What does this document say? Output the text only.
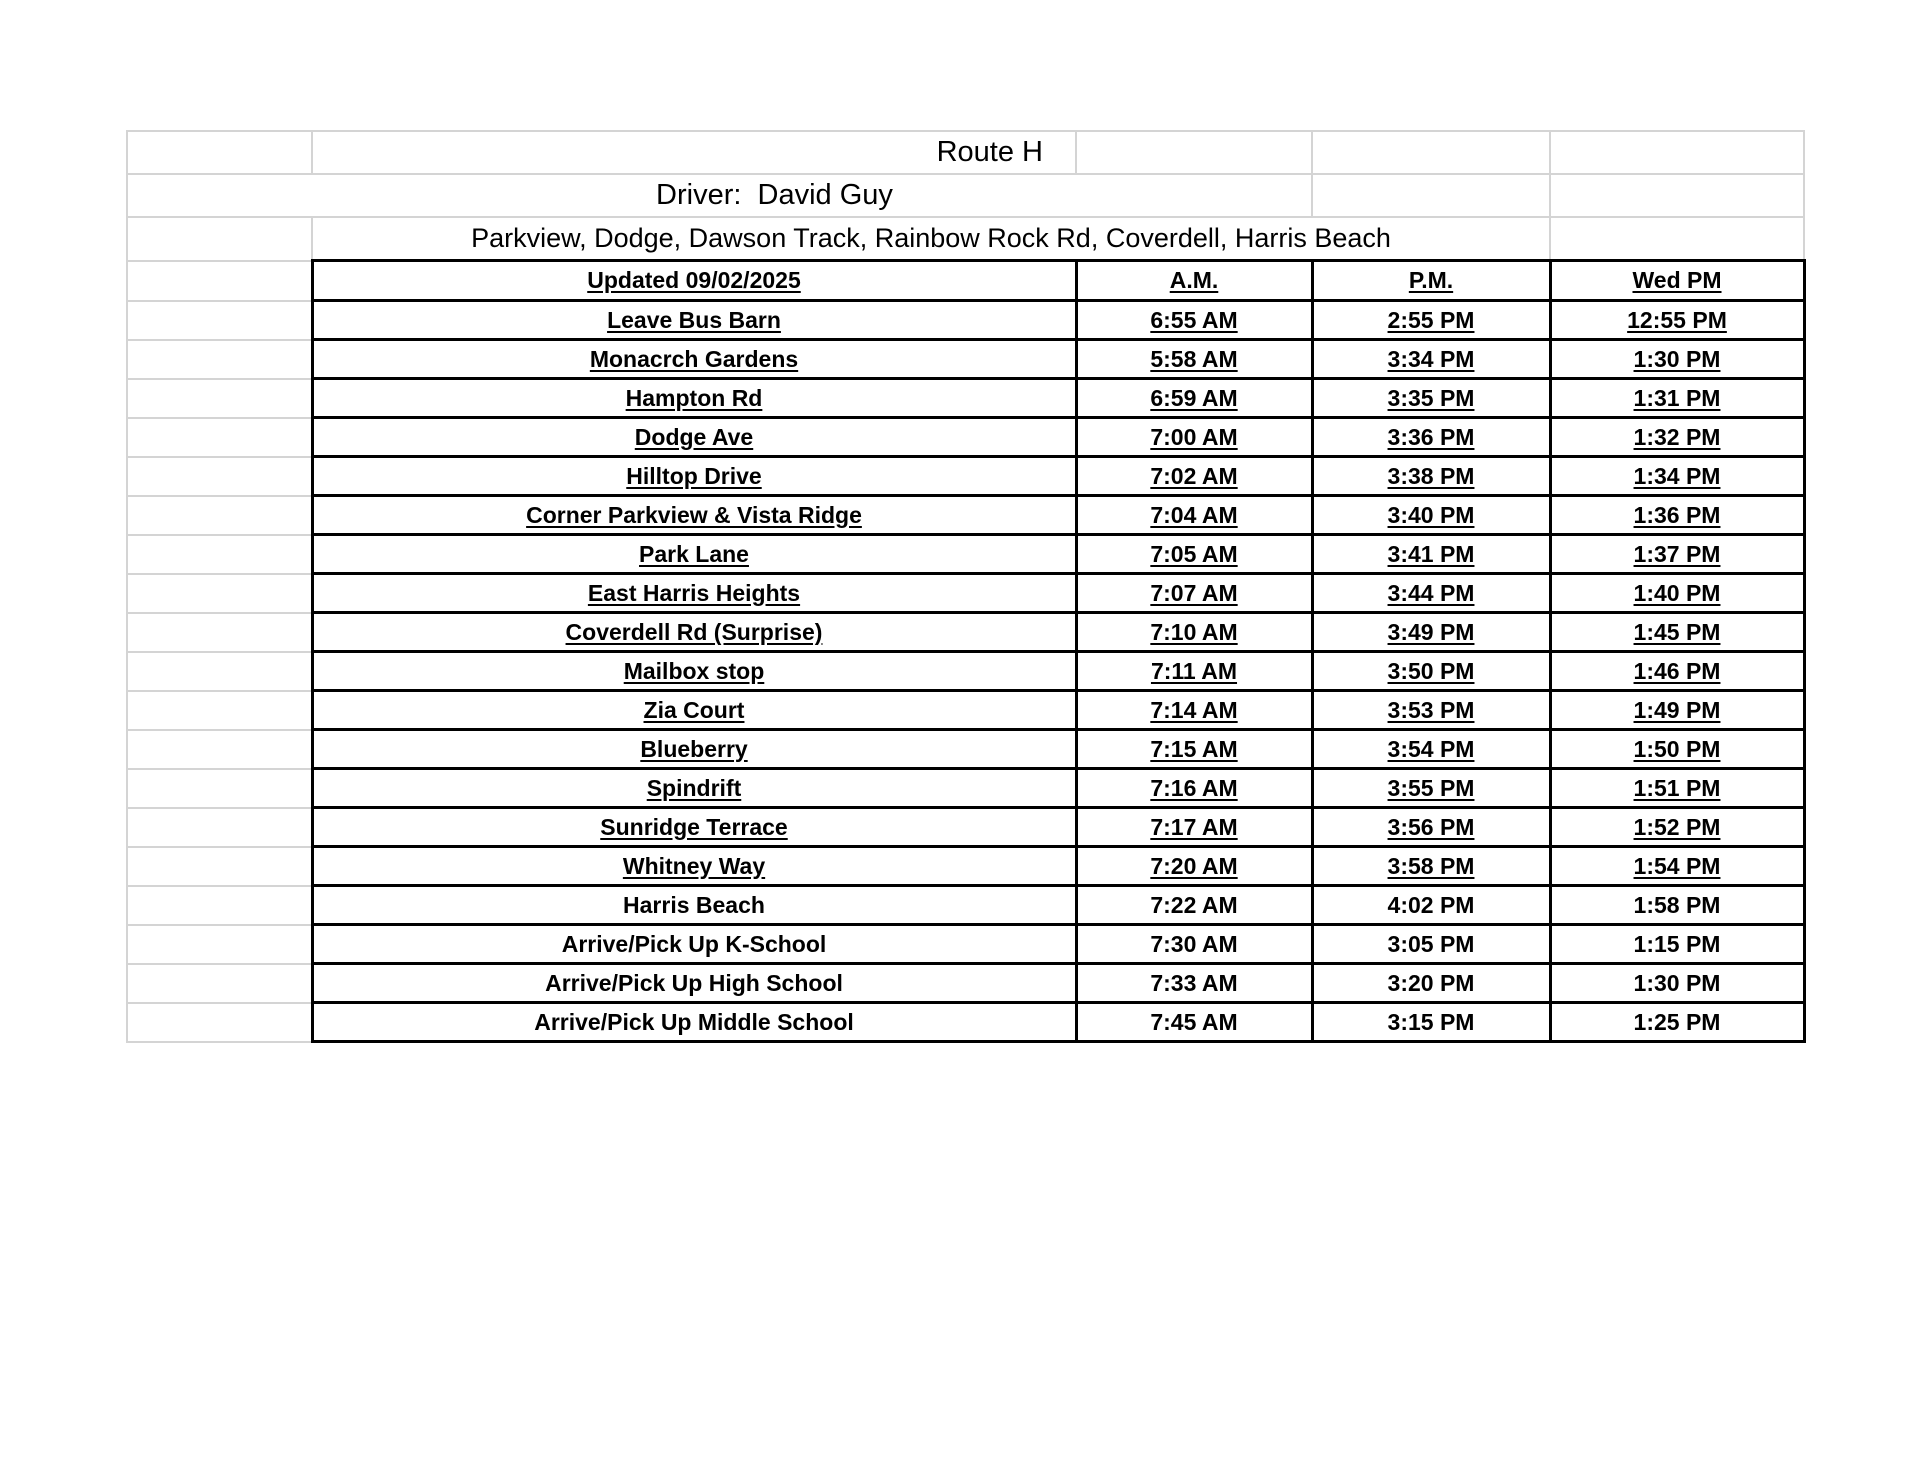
	Route H			
Driver:  David Guy				
	Parkview, Dodge, Dawson Track, Rainbow Rock Rd, Coverdell, Harris Beach			
	Updated 09/02/2025	A.M.	P.M.	Wed PM
	Leave Bus Barn	6:55 AM	2:55 PM	12:55 PM
	Monacrch Gardens	5:58 AM	3:34 PM	1:30 PM
	Hampton Rd	6:59 AM	3:35 PM	1:31 PM
	Dodge Ave	7:00 AM	3:36 PM	1:32 PM
	Hilltop Drive	7:02 AM	3:38 PM	1:34 PM
	Corner Parkview & Vista Ridge	7:04 AM	3:40 PM	1:36 PM
	Park Lane	7:05 AM	3:41 PM	1:37 PM
	East Harris Heights	7:07 AM	3:44 PM	1:40 PM
	Coverdell Rd (Surprise)	7:10 AM	3:49 PM	1:45 PM
	Mailbox stop	7:11 AM	3:50 PM	1:46 PM
	Zia Court	7:14 AM	3:53 PM	1:49 PM
	Blueberry	7:15 AM	3:54 PM	1:50 PM
	Spindrift	7:16 AM	3:55 PM	1:51 PM
	Sunridge Terrace	7:17 AM	3:56 PM	1:52 PM
	Whitney Way	7:20 AM	3:58 PM	1:54 PM
	Harris Beach	7:22 AM	4:02 PM	1:58 PM
	Arrive/Pick Up K-School	7:30 AM	3:05 PM	1:15 PM
	Arrive/Pick Up High School	7:33 AM	3:20 PM	1:30 PM
	Arrive/Pick Up Middle School	7:45 AM	3:15 PM	1:25 PM
